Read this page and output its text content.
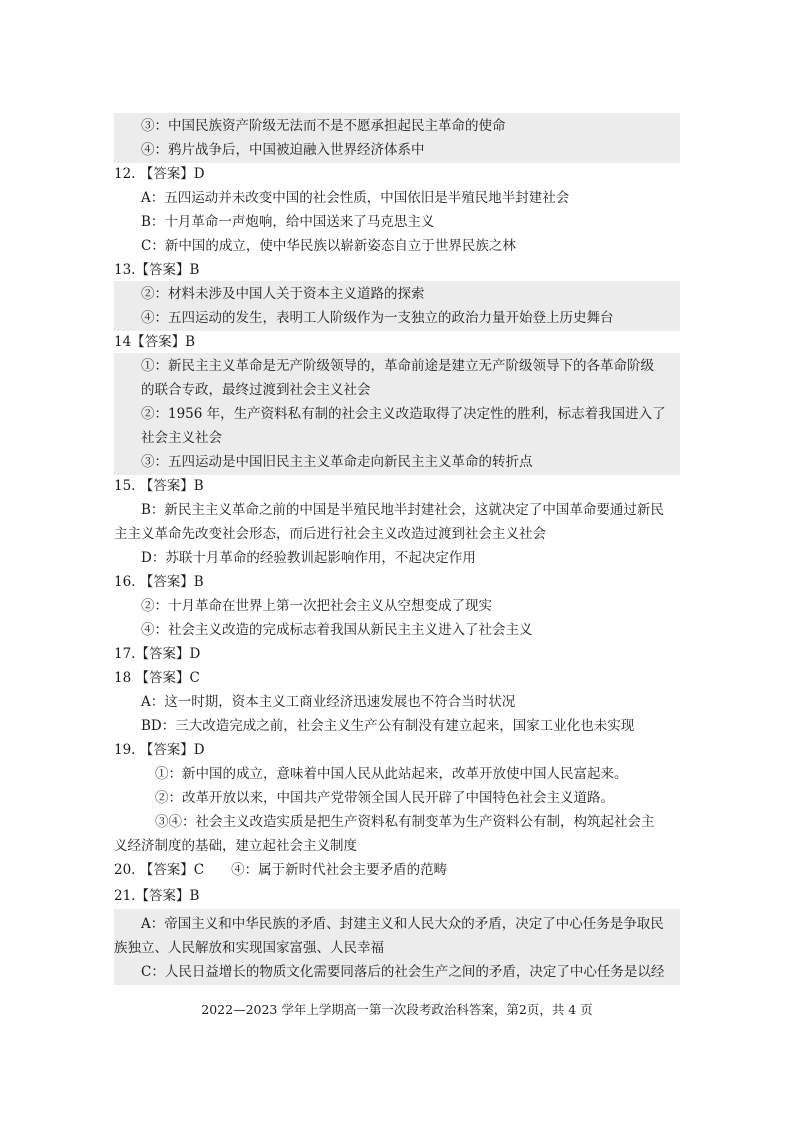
③：中国民族资产阶级无法而不是不愿承担起民主革命的使命
④：鸦片战争后，中国被迫融入世界经济体系中
12. 【答案】D
A：五四运动并未改变中国的社会性质，中国依旧是半殖民地半封建社会
B：十月革命一声炮响，给中国送来了马克思主义
C：新中国的成立，使中华民族以崭新姿态自立于世界民族之林
13.【答案】B
②：材料未涉及中国人关于资本主义道路的探索
④：五四运动的发生，表明工人阶级作为一支独立的政治力量开始登上历史舞台
14【答案】B
①：新民主主义革命是无产阶级领导的，革命前途是建立无产阶级领导下的各革命阶级
的联合专政，最终过渡到社会主义社会
②：1956 年，生产资料私有制的社会主义改造取得了决定性的胜利，标志着我国进入了
社会主义社会
③：五四运动是中国旧民主主义革命走向新民主主义革命的转折点
15. 【答案】B
B：新民主主义革命之前的中国是半殖民地半封建社会，这就决定了中国革命要通过新民
主主义革命先改变社会形态，而后进行社会主义改造过渡到社会主义社会
D：苏联十月革命的经验教训起影响作用，不起决定作用
16. 【答案】B
②：十月革命在世界上第一次把社会主义从空想变成了现实
④：社会主义改造的完成标志着我国从新民主主义进入了社会主义
17.【答案】D
18 【答案】C
A：这一时期，资本主义工商业经济迅速发展也不符合当时状况
BD：三大改造完成之前，社会主义生产公有制没有建立起来，国家工业化也未实现
19. 【答案】D
①：新中国的成立，意味着中国人民从此站起来，改革开放使中国人民富起来。
②：改革开放以来，中国共产党带领全国人民开辟了中国特色社会主义道路。
③④：社会主义改造实质是把生产资料私有制变革为生产资料公有制，构筑起社会主
义经济制度的基础，建立起社会主义制度
20. 【答案】C　　④：属于新时代社会主要矛盾的范畴
21.【答案】B
A：帝国主义和中华民族的矛盾、封建主义和人民大众的矛盾，决定了中心任务是争取民
族独立、人民解放和实现国家富强、人民幸福
C：人民日益增长的物质文化需要同落后的社会生产之间的矛盾，决定了中心任务是以经
2022—2023 学年上学期高一第一次段考政治科答案，第2页，共 4 页
